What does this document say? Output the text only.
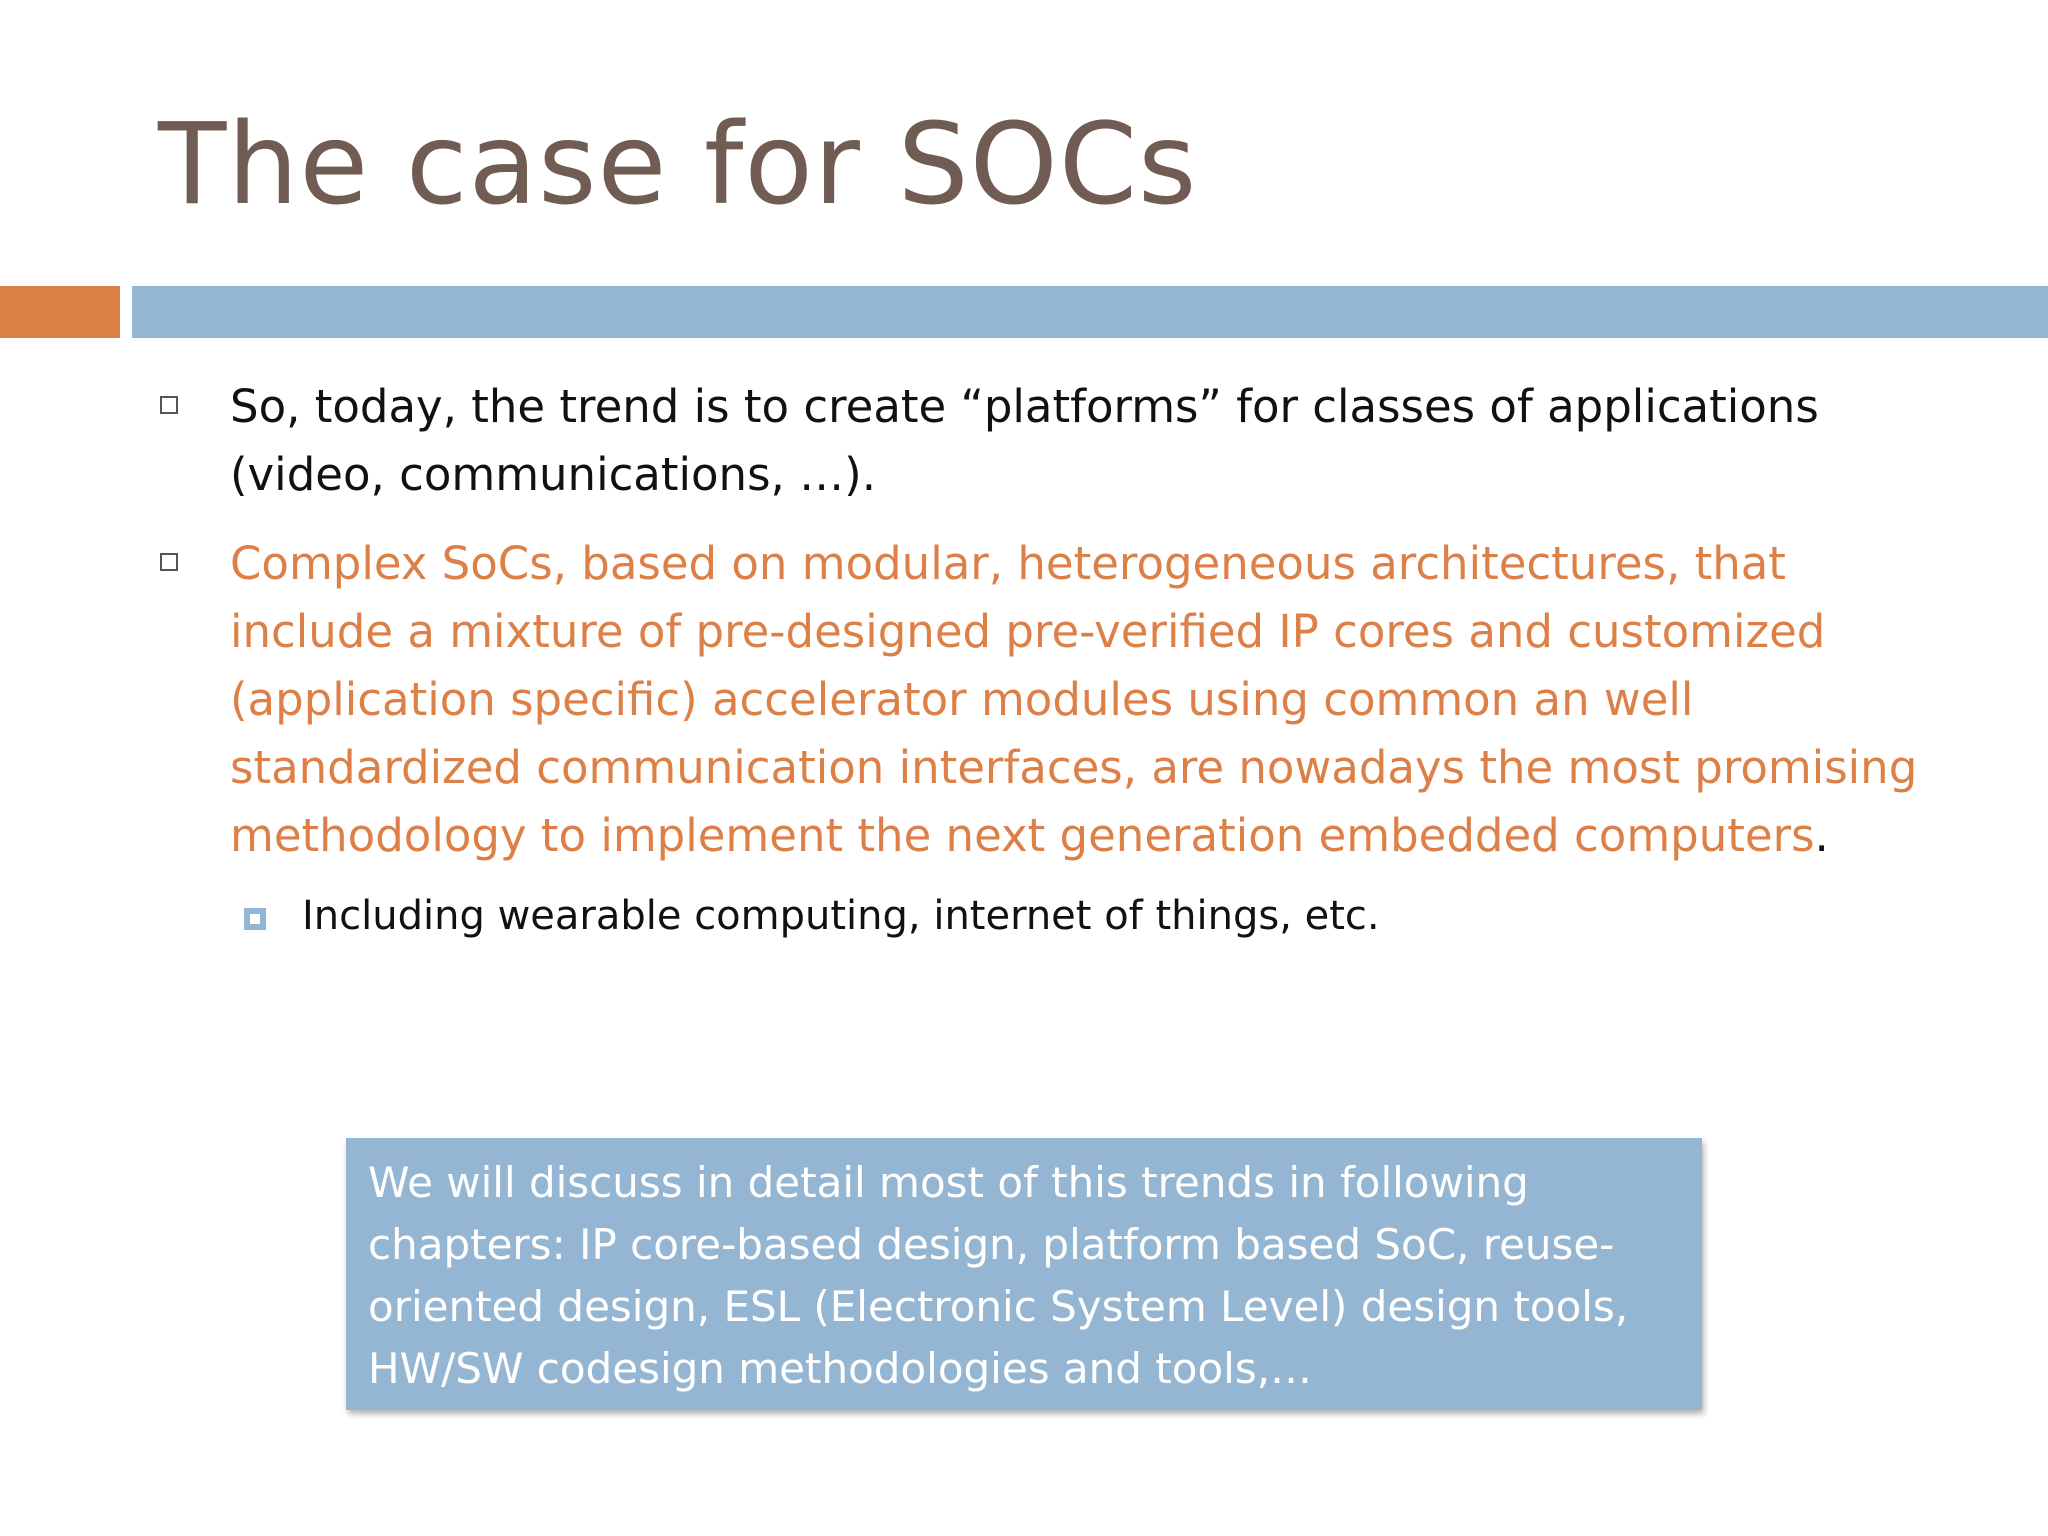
The case for SOCs
So, today, the trend is to create “platforms” for classes of applications (video, communications, …).
Complex SoCs, based on modular, heterogeneous architectures, that include a mixture of pre-designed pre-verified IP cores and customized (application specific) accelerator modules using common an well standardized communication interfaces, are nowadays the most promising methodology to implement the next generation embedded computers.
Including wearable computing, internet of things, etc.
We will discuss in detail most of this trends in following chapters: IP core-based design, platform based SoC, reuse-oriented design, ESL (Electronic System Level) design tools, HW/SW codesign methodologies and tools,…
